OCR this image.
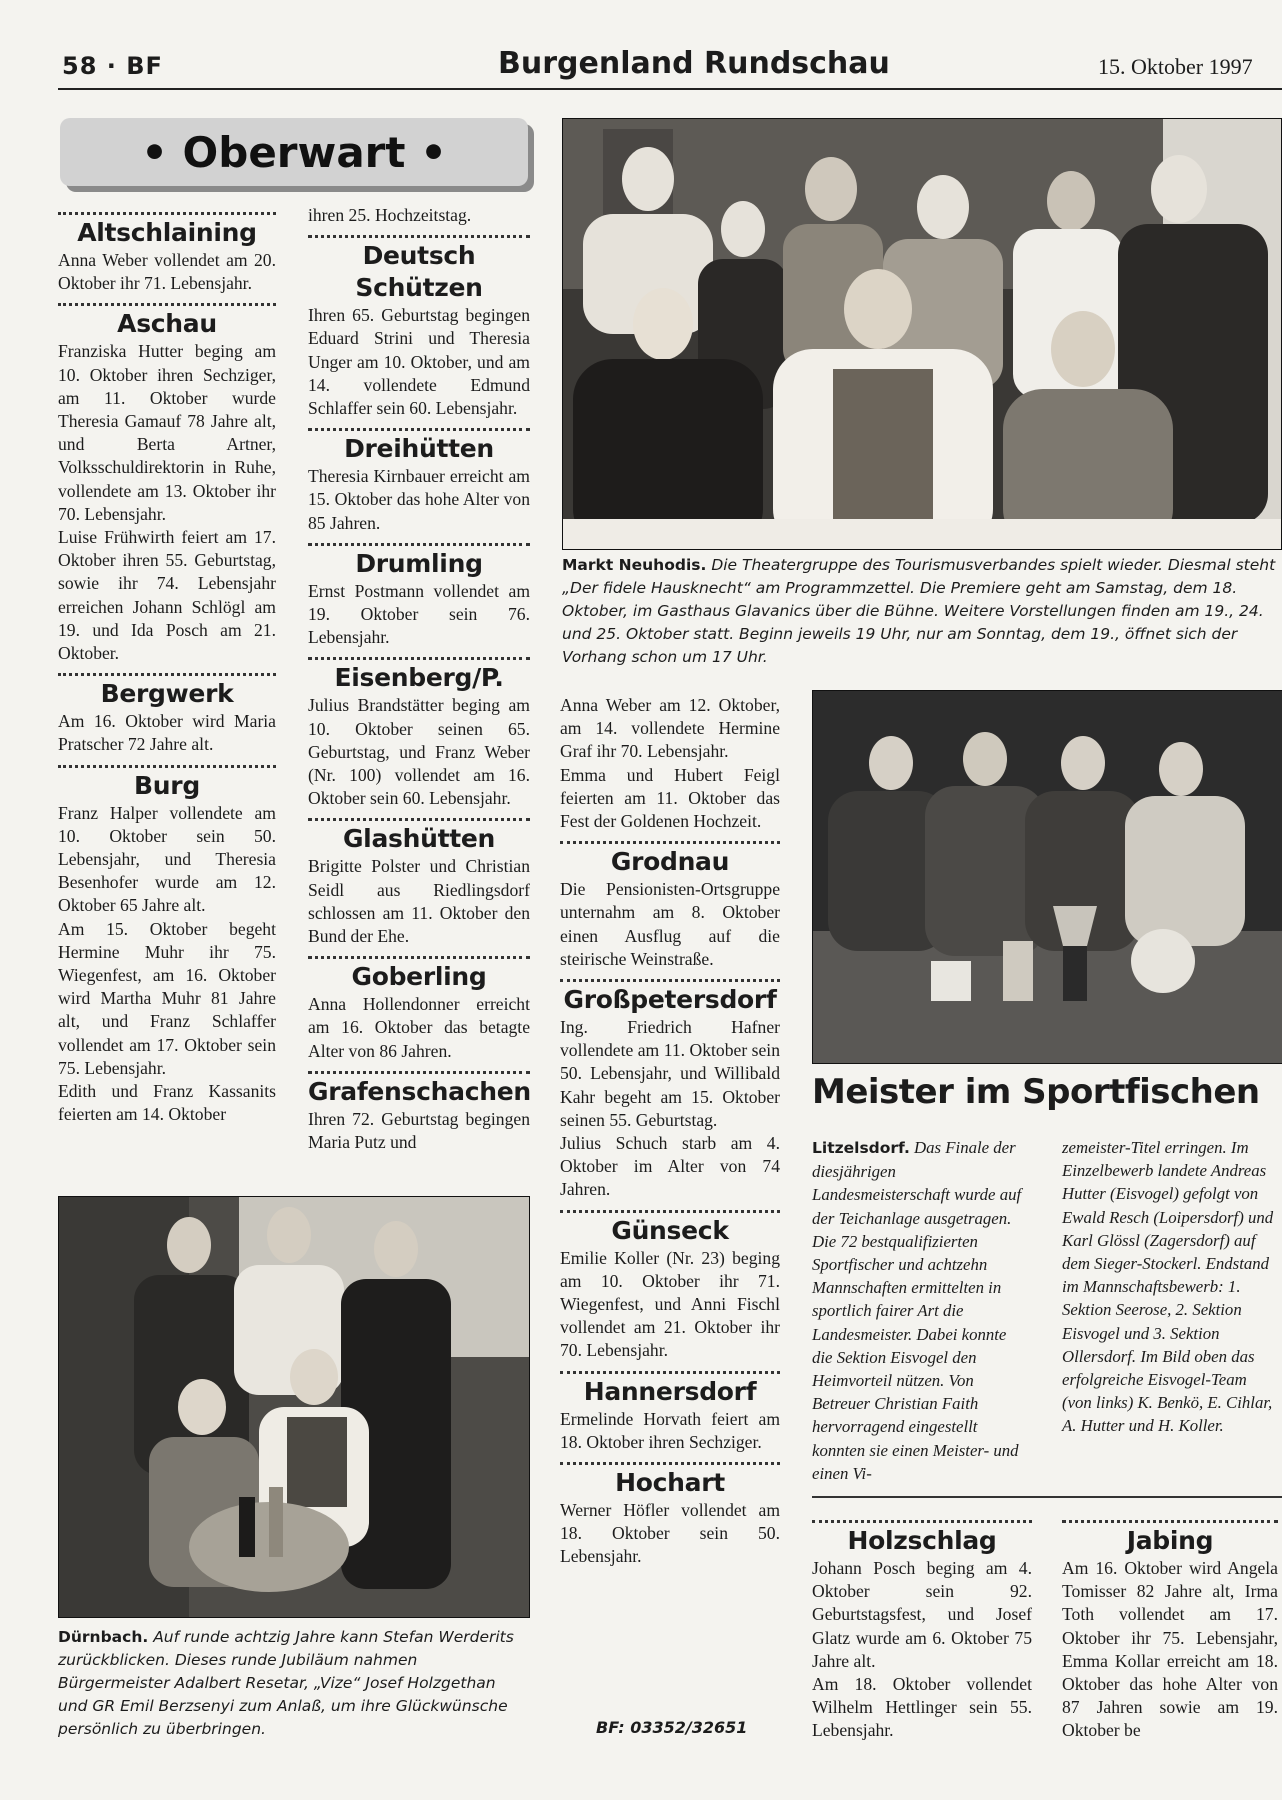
58 · BF	Burgenland Rundschau	15. Oktober 1997
• Oberwart •
Altschlaining

Anna Weber vollendet am 20. Oktober ihr 71. Lebensjahr.

Aschau

Franziska Hutter beging am 10. Oktober ihren Sechziger, am 11. Oktober wurde Theresia Gamauf 78 Jahre alt, und Berta Artner, Volksschuldirektorin in Ruhe, vollendete am 13. Oktober ihr 70. Lebensjahr.

Luise Frühwirth feiert am 17. Oktober ihren 55. Geburtstag, sowie ihr 74. Lebensjahr erreichen Johann Schlögl am 19. und Ida Posch am 21. Oktober.

Bergwerk

Am 16. Oktober wird Maria Pratscher 72 Jahre alt.

Burg

Franz Halper vollendete am 10. Oktober sein 50. Lebensjahr, und Theresia Besenhofer wurde am 12. Oktober 65 Jahre alt.

Am 15. Oktober begeht Hermine Muhr ihr 75. Wiegenfest, am 16. Oktober wird Martha Muhr 81 Jahre alt, und Franz Schlaffer vollendet am 17. Oktober sein 75. Lebensjahr.

Edith und Franz Kassanits feierten am 14. Oktober

ihren 25. Hochzeitstag.

Deutsch Schützen

Ihren 65. Geburtstag begingen Eduard Strini und Theresia Unger am 10. Oktober, und am 14. vollendete Edmund Schlaffer sein 60. Lebensjahr.

Dreihütten

Theresia Kirnbauer erreicht am 15. Oktober das hohe Alter von 85 Jahren.

Drumling

Ernst Postmann vollendet am 19. Oktober sein 76. Lebensjahr.

Eisenberg/P.

Julius Brandstätter beging am 10. Oktober seinen 65. Geburtstag, und Franz Weber (Nr. 100) vollendet am 16. Oktober sein 60. Lebensjahr.

Glashütten

Brigitte Polster und Christian Seidl aus Riedlingsdorf schlossen am 11. Oktober den Bund der Ehe.

Goberling

Anna Hollendonner erreicht am 16. Oktober das betagte Alter von 86 Jahren.

Grafenschachen

Ihren 72. Geburtstag begingen Maria Putz und

Markt Neuhodis. Die Theatergruppe des Tourismusverbandes spielt wieder. Diesmal steht „Der fidele Hausknecht“ am Programmzettel. Die Premiere geht am Samstag, dem 18. Oktober, im Gasthaus Glavanics über die Bühne. Weitere Vorstellungen finden am 19., 24. und 25. Oktober statt. Beginn jeweils 19 Uhr, nur am Sonntag, dem 19., öffnet sich der Vorhang schon um 17 Uhr.

Anna Weber am 12. Oktober, am 14. vollendete Hermine Graf ihr 70. Lebensjahr.

Emma und Hubert Feigl feierten am 11. Oktober das Fest der Goldenen Hochzeit.

Grodnau

Die Pensionisten-Ortsgruppe unternahm am 8. Oktober einen Ausflug auf die steirische Weinstraße.

Großpetersdorf

Ing. Friedrich Hafner vollendete am 11. Oktober sein 50. Lebensjahr, und Willibald Kahr begeht am 15. Oktober seinen 55. Geburtstag.

Julius Schuch starb am 4. Oktober im Alter von 74 Jahren.

Günseck

Emilie Koller (Nr. 23) beging am 10. Oktober ihr 71. Wiegenfest, und Anni Fischl vollendet am 21. Oktober ihr 70. Lebensjahr.

Hannersdorf

Ermelinde Horvath feiert am 18. Oktober ihren Sechziger.

Hochart

Werner Höfler vollendet am 18. Oktober sein 50. Lebensjahr.

Meister im Sportfischen

Litzelsdorf. Das Finale der diesjährigen Landesmeisterschaft wurde auf der Teichanlage ausgetragen. Die 72 bestqualifizierten Sportfischer und achtzehn Mannschaften ermittelten in sportlich fairer Art die Landesmeister. Dabei konnte die Sektion Eisvogel den Heimvorteil nützen. Von Betreuer Christian Faith hervorragend eingestellt konnten sie einen Meister- und einen Vi-

zemeister-Titel erringen. Im Einzelbewerb landete Andreas Hutter (Eisvogel) gefolgt von Ewald Resch (Loipersdorf) und Karl Glössl (Zagersdorf) auf dem Sieger-Stockerl. Endstand im Mannschaftsbewerb: 1. Sektion Seerose, 2. Sektion Eisvogel und 3. Sektion Ollersdorf. Im Bild oben das erfolgreiche Eisvogel-Team (von links) K. Benkö, E. Cihlar, A. Hutter und H. Koller.

Holzschlag

Johann Posch beging am 4. Oktober sein 92. Geburtstagsfest, und Josef Glatz wurde am 6. Oktober 75 Jahre alt.

Am 18. Oktober vollendet Wilhelm Hettlinger sein 55. Lebensjahr.

Jabing

Am 16. Oktober wird Angela Tomisser 82 Jahre alt, Irma Toth vollendet am 17. Oktober ihr 75. Lebensjahr, Emma Kollar erreicht am 18. Oktober das hohe Alter von 87 Jahren sowie am 19. Oktober be

Dürnbach. Auf runde achtzig Jahre kann Stefan Werderits zurückblicken. Dieses runde Jubiläum nahmen Bürgermeister Adalbert Resetar, „Vize“ Josef Holzgethan und GR Emil Berzsenyi zum Anlaß, um ihre Glückwünsche persönlich zu überbringen.	BF: 03352/32651
